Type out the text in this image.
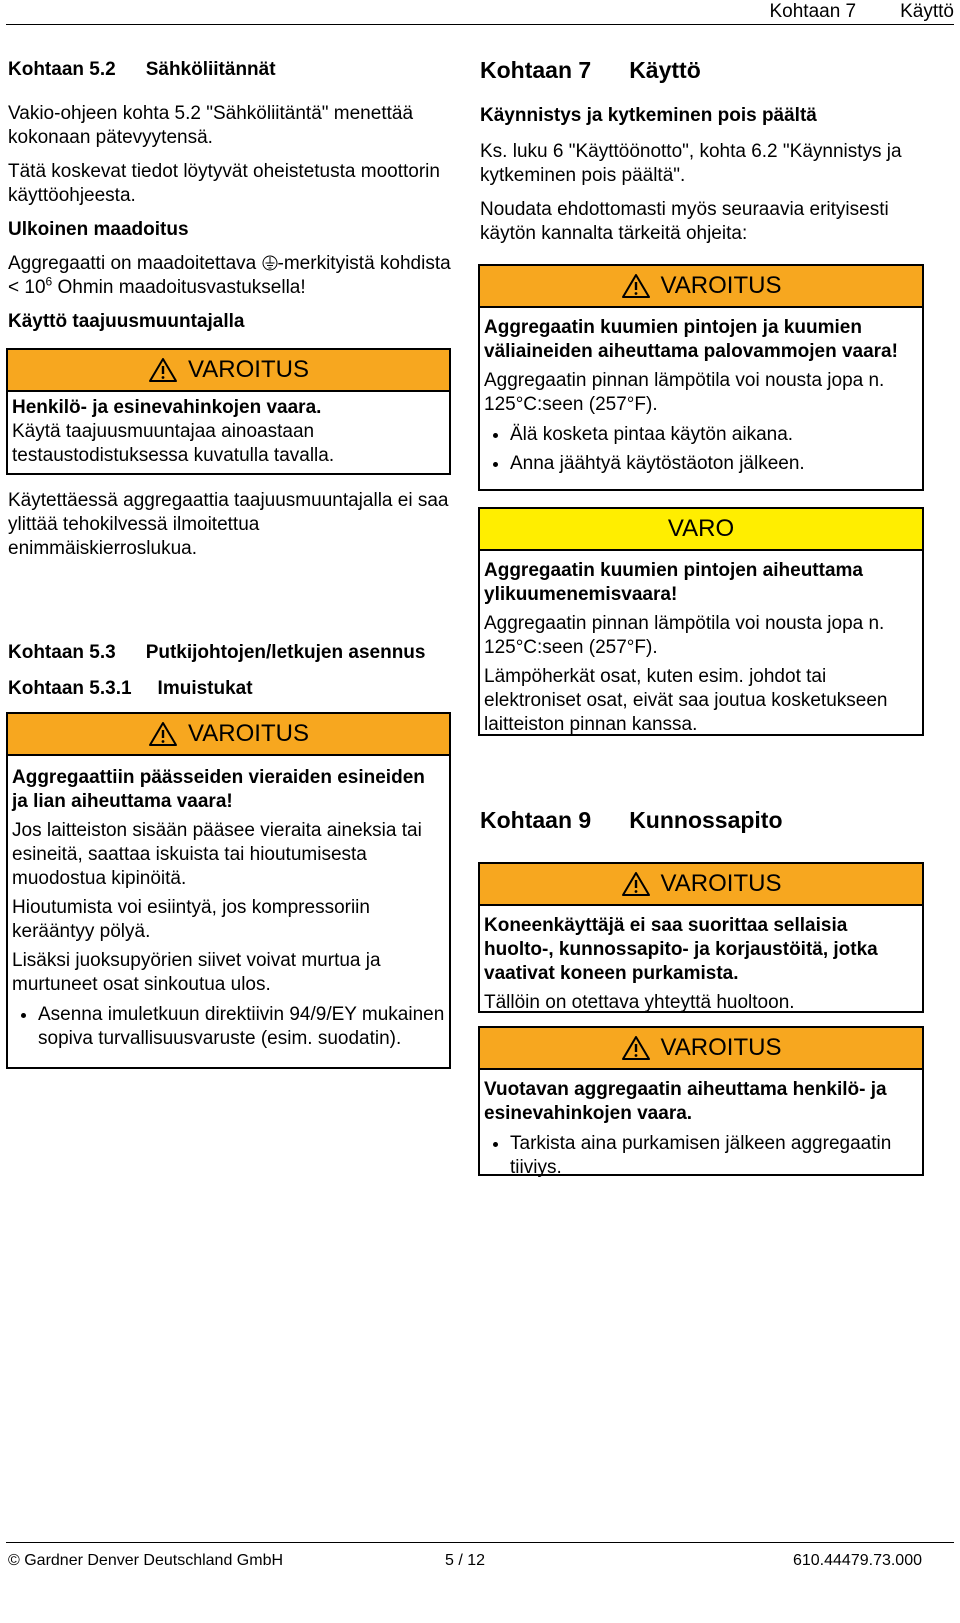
Kohtaan 7 Käyttö
Kohtaan 5.2 Sähköliitännät

Vakio-ohjeen kohta 5.2 "Sähköliitäntä" menettää kokonaan pätevyytensä.

Tätä koskevat tiedot löytyvät oheistetusta moottorin käyttöohjeesta.

Ulkoinen maadoitus

Aggregaatti on maadoitettava -merkityistä kohdista < $10^6$ Ohmin maadoitusvastuksella!

Käyttö taajuusmuuntajalla

VAROITUS

Henkilö- ja esinevahinkojen vaara.

Käytä taajuusmuuntajaa ainoastaan testaustodistuksessa kuvatulla tavalla.

Käytettäessä aggregaattia taajuusmuuntajalla ei saa ylittää tehokilvessä ilmoitettua enimmäiskierroslukua.

Kohtaan 5.3 Putkijohtojen/letkujen asennus
Kohtaan 5.3.1 Imuistukat
VAROITUS

Aggregaattiin päässeiden vieraiden esineiden ja lian aiheuttama vaara!

Jos laitteiston sisään pääsee vieraita aineksia tai esineitä, saattaa iskuista tai hioutumisesta muodostua kipinöitä.

Hioutumista voi esiintyä, jos kompressoriin kerääntyy pölyä.

Lisäksi juoksupyörien siivet voivat murtua ja murtuneet osat sinkoutua ulos.

• Asenna imuletkuun direktiivin 94/9/EY mukainen sopiva turvallisuusvaruste (esim. suodatin).
Kohtaan 7 Käyttö

Käynnistys ja kytkeminen pois päältä

Ks. luku 6 "Käyttöönotto", kohta 6.2 "Käynnistys ja kytkeminen pois päältä".

Noudata ehdottomasti myös seuraavia erityisesti käytön kannalta tärkeitä ohjeita:

VAROITUS

Aggregaatin kuumien pintojen ja kuumien väliaineiden aiheuttama palovammojen vaara!

Aggregaatin pinnan lämpötila voi nousta jopa n. 125°C:seen (257°F).

• Älä kosketa pintaa käytön aikana.
• Anna jäähtyä käytöstäoton jälkeen.
VARO

Aggregaatin kuumien pintojen aiheuttama ylikuumenemisvaara!

Aggregaatin pinnan lämpötila voi nousta jopa n. 125°C:seen (257°F).

Lämpöherkät osat, kuten esim. johdot tai elektroniset osat, eivät saa joutua kosketukseen laitteiston pinnan kanssa.

Kohtaan 9 Kunnossapito
VAROITUS

Koneenkäyttäjä ei saa suorittaa sellaisia huolto-, kunnossapito- ja korjaustöitä, jotka vaativat koneen purkamista.

Tällöin on otettava yhteyttä huoltoon.

VAROITUS

Vuotavan aggregaatin aiheuttama henkilö- ja esinevahinkojen vaara.

• Tarkista aina purkamisen jälkeen aggregaatin tiiviys.
© Gardner Denver Deutschland GmbH	5 / 12	610.44479.73.000
